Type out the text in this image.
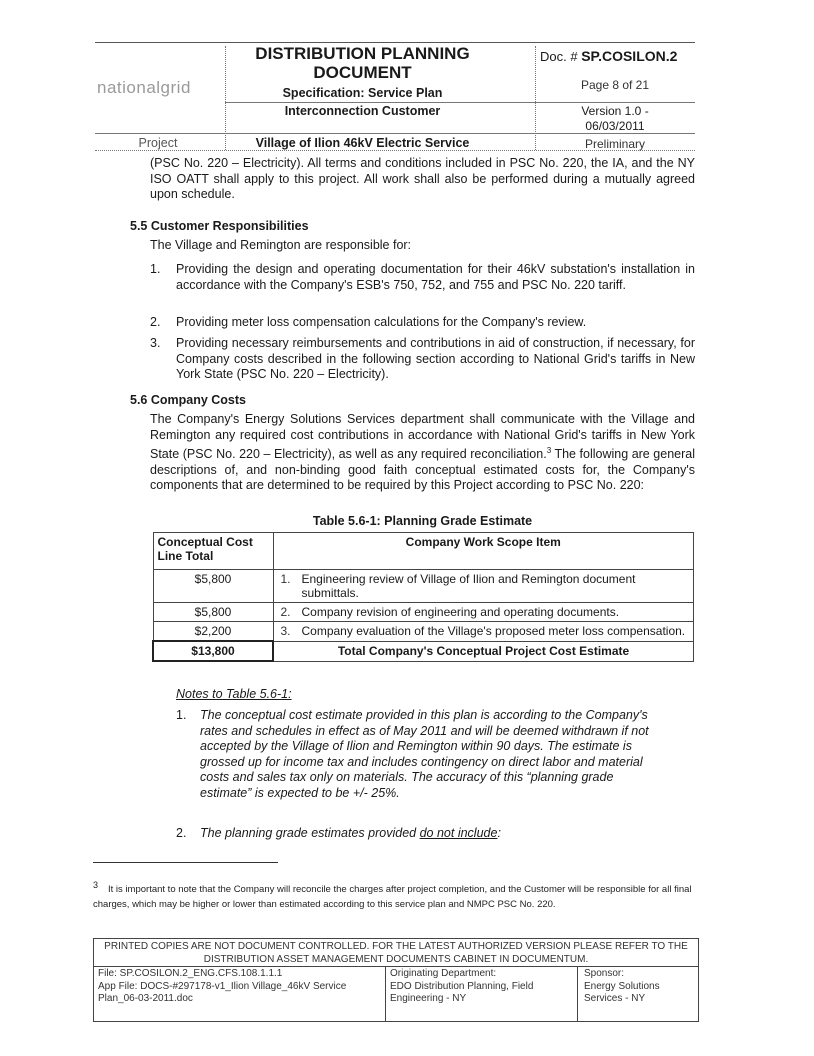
nationalgrid
DISTRIBUTION PLANNING
DOCUMENT
Specification: Service Plan
Interconnection Customer
Project	Village of Ilion 46kV Electric Service
Doc. # SP.COSILON.2
Page 8 of 21
Version 1.0 -
06/03/2011
Preliminary
(PSC No. 220 – Electricity). All terms and conditions included in PSC No. 220, the IA, and the NY ISO OATT shall apply to this project. All work shall also be performed during a mutually agreed upon schedule.
5.5 Customer Responsibilities
The Village and Remington are responsible for:
1.	Providing the design and operating documentation for their 46kV substation's installation in accordance with the Company's ESB's 750, 752, and 755 and PSC No. 220 tariff.
2.	Providing meter loss compensation calculations for the Company's review.
3.	Providing necessary reimbursements and contributions in aid of construction, if necessary, for Company costs described in the following section according to National Grid's tariffs in New York State (PSC No. 220 – Electricity).
5.6 Company Costs
The Company's Energy Solutions Services department shall communicate with the Village and Remington any required cost contributions in accordance with National Grid's tariffs in New York State (PSC No. 220 – Electricity), as well as any required reconciliation.$^3$ The following are general descriptions of, and non-binding good faith conceptual estimated costs for, the Company's components that are determined to be required by this Project according to PSC No. 220:
Table 5.6-1: Planning Grade Estimate
Conceptual Cost Line Total	Company Work Scope Item	
$5,800	1.	Engineering review of Village of Ilion and Remington document submittals.
$5,800	2.	Company revision of engineering and operating documents.
$2,200	3.	Company evaluation of the Village's proposed meter loss compensation.
$13,800	Total Company's Conceptual Project Cost Estimate	
Notes to Table 5.6-1:
1. The conceptual cost estimate provided in this plan is according to the Company's rates and schedules in effect as of May 2011 and will be deemed withdrawn if not accepted by the Village of Ilion and Remington within 90 days. The estimate is grossed up for income tax and includes contingency on direct labor and material costs and sales tax only on materials. The accuracy of this “planning grade estimate” is expected to be +/- 25%.
2. The planning grade estimates provided do not include:
$^3$ It is important to note that the Company will reconcile the charges after project completion, and the Customer will be responsible for all final charges, which may be higher or lower than estimated according to this service plan and NMPC PSC No. 220.
PRINTED COPIES ARE NOT DOCUMENT CONTROLLED. FOR THE LATEST AUTHORIZED VERSION PLEASE REFER TO THE
DISTRIBUTION ASSET MANAGEMENT DOCUMENTS CABINET IN DOCUMENTUM.
File: SP.COSILON.2_ENG.CFS.108.1.1.1
App File: DOCS-#297178-v1_Ilion Village_46kV Service
Plan_06-03-2011.doc
Originating Department:
EDO Distribution Planning, Field
Engineering - NY
Sponsor:
Energy Solutions
Services - NY
